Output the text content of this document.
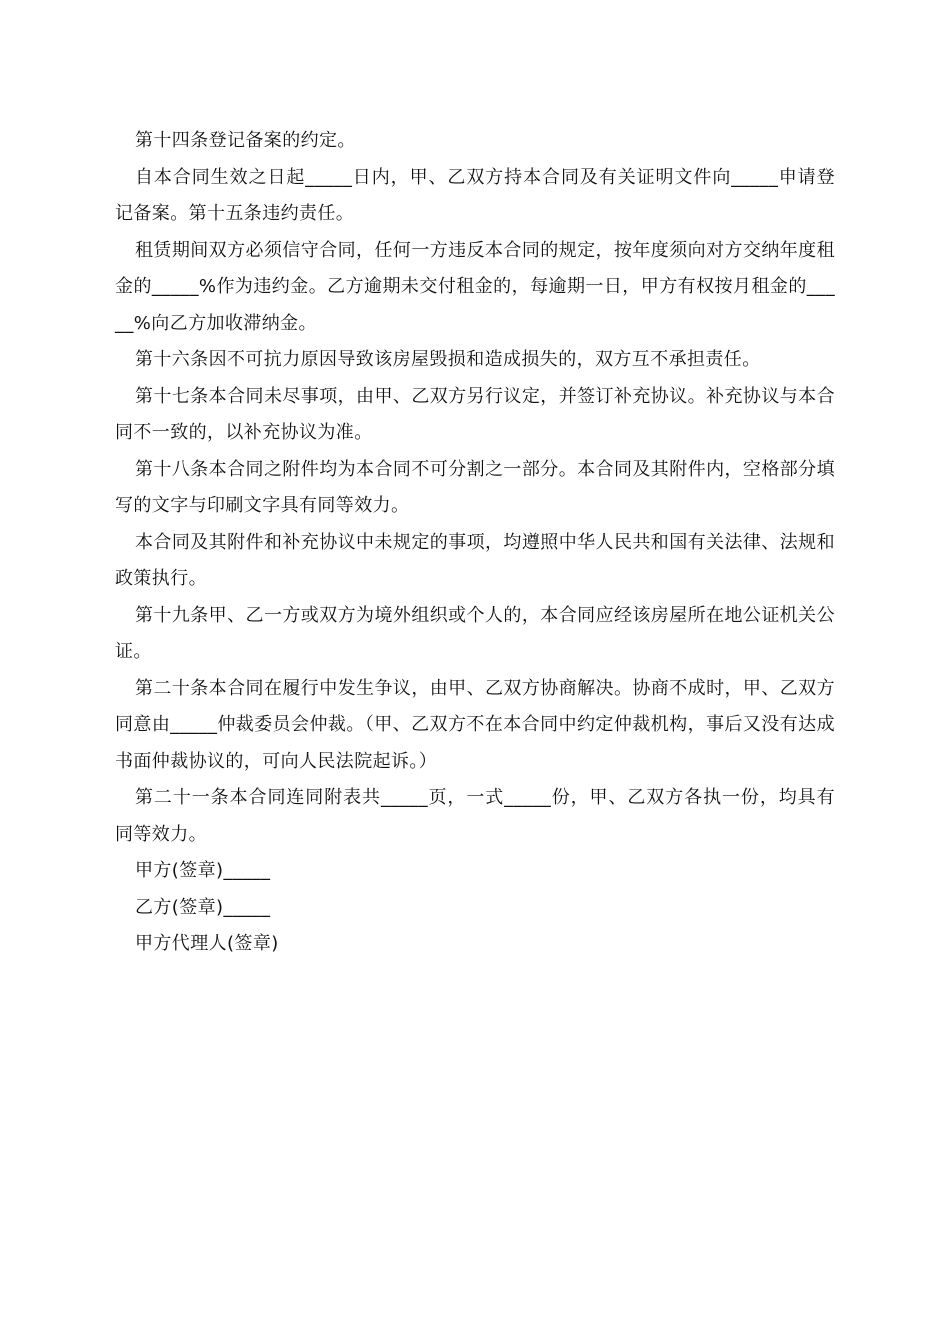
第十四条登记备案的约定。

自本合同生效之日起_____日内，甲、乙双方持本合同及有关证明文件向_____申请登记备案。第十五条违约责任。

租赁期间双方必须信守合同，任何一方违反本合同的规定，按年度须向对方交纳年度租金的_____%作为违约金。乙方逾期未交付租金的，每逾期一日，甲方有权按月租金的_____%向乙方加收滞纳金。

第十六条因不可抗力原因导致该房屋毁损和造成损失的，双方互不承担责任。

第十七条本合同未尽事项，由甲、乙双方另行议定，并签订补充协议。补充协议与本合同不一致的，以补充协议为准。

第十八条本合同之附件均为本合同不可分割之一部分。本合同及其附件内，空格部分填写的文字与印刷文字具有同等效力。

本合同及其附件和补充协议中未规定的事项，均遵照中华人民共和国有关法律、法规和政策执行。

第十九条甲、乙一方或双方为境外组织或个人的，本合同应经该房屋所在地公证机关公证。

第二十条本合同在履行中发生争议，由甲、乙双方协商解决。协商不成时，甲、乙双方同意由_____仲裁委员会仲裁。（甲、乙双方不在本合同中约定仲裁机构，事后又没有达成书面仲裁协议的，可向人民法院起诉。）

第二十一条本合同连同附表共_____页，一式_____份，甲、乙双方各执一份，均具有同等效力。

甲方(签章)_____

乙方(签章)_____

甲方代理人(签章)
